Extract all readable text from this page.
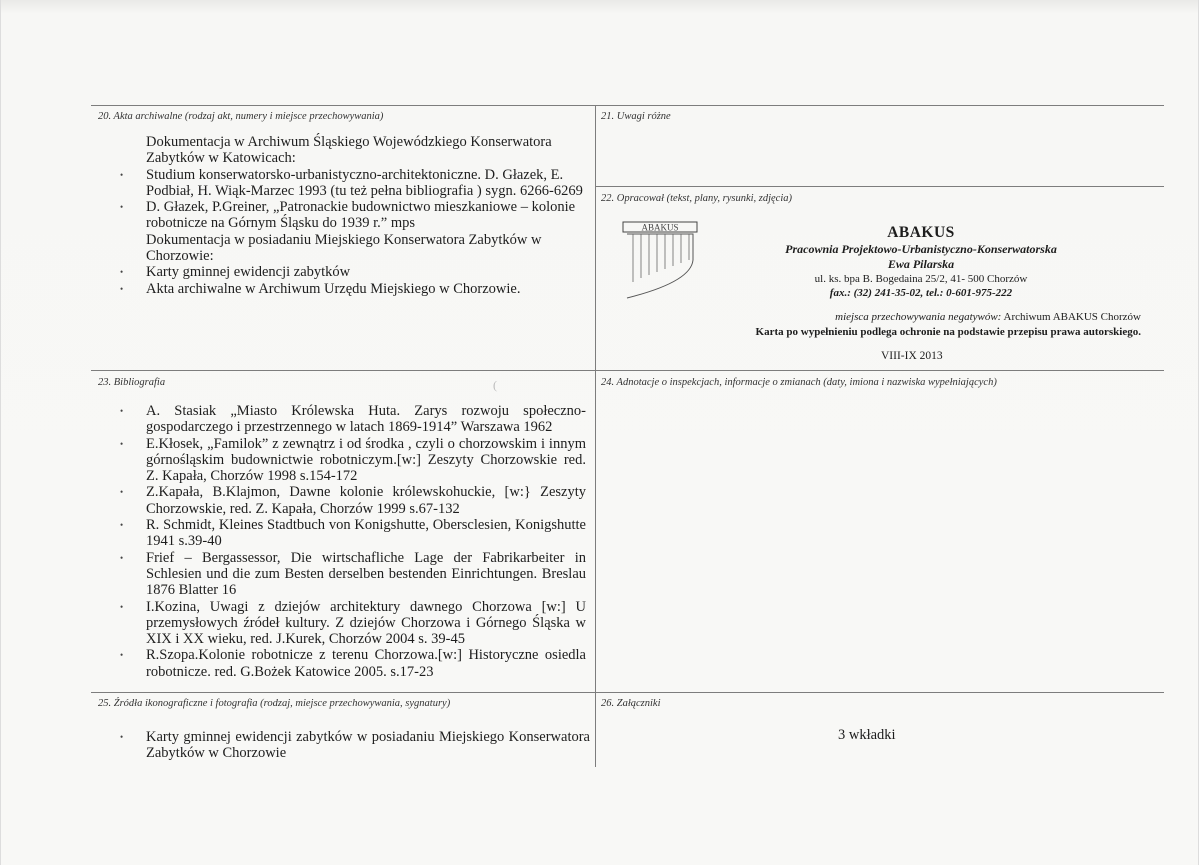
20. Akta archiwalne (rodzaj akt, numery i miejsce przechowywania)
Dokumentacja w Archiwum Śląskiego Wojewódzkiego Konserwatora Zabytków w Katowicach:
• Studium konserwatorsko-urbanistyczno-architektoniczne. D. Głazek, E. Podbiał, H. Wiąk-Marzec 1993 (tu też pełna bibliografia ) sygn. 6266-6269
• D. Głazek, P.Greiner, „Patronackie budownictwo mieszkaniowe – kolonie robotnicze na Górnym Śląsku do 1939 r.” mps
Dokumentacja w posiadaniu Miejskiego Konserwatora Zabytków w Chorzowie:
• Karty gminnej ewidencji zabytków
• Akta archiwalne w Archiwum Urzędu Miejskiego w Chorzowie.
21. Uwagi różne
22. Opracował (tekst, plany, rysunki, zdjęcia)
ABAKUS	ABAKUS
Pracownia Projektowo-Urbanistyczno-Konserwatorska
Ewa Pilarska
ul. ks. bpa B. Bogedaina 25/2, 41- 500 Chorzów
fax.: (32) 241-35-02, tel.: 0-601-975-222
miejsca przechowywania negatywów: Archiwum ABAKUS Chorzów
Karta po wypełnieniu podlega ochronie na podstawie przepisu prawa autorskiego.
VIII-IX 2013
23. Bibliografia	(
• A. Stasiak „Miasto Królewska Huta. Zarys rozwoju społeczno-gospodarczego i przestrzennego w latach 1869-1914” Warszawa 1962
• E.Kłosek, „Familok” z zewnątrz i od środka , czyli o chorzowskim i innym górnośląskim budownictwie robotniczym.[w:] Zeszyty Chorzowskie red. Z. Kapała, Chorzów 1998 s.154-172
• Z.Kapała, B.Klajmon, Dawne kolonie królewskohuckie, [w:} Zeszyty Chorzowskie, red. Z. Kapała, Chorzów 1999 s.67-132
• R. Schmidt, Kleines Stadtbuch von Konigshutte, Obersclesien, Konigshutte 1941 s.39-40
• Frief – Bergassessor, Die wirtschafliche Lage der Fabrikarbeiter in Schlesien und die zum Besten derselben bestenden Einrichtungen. Breslau 1876 Blatter 16
• I.Kozina, Uwagi z dziejów architektury dawnego Chorzowa [w:] U przemysłowych źródeł kultury. Z dziejów Chorzowa i Górnego Śląska w XIX i XX wieku, red. J.Kurek, Chorzów 2004 s. 39-45
• R.Szopa.Kolonie robotnicze z terenu Chorzowa.[w:] Historyczne osiedla robotnicze. red. G.Bożek Katowice 2005. s.17-23
24. Adnotacje o inspekcjach, informacje o zmianach (daty, imiona i nazwiska wypełniających)
25. Źródła ikonograficzne i fotografia (rodzaj, miejsce przechowywania, sygnatury)
• Karty gminnej ewidencji zabytków w posiadaniu Miejskiego Konserwatora Zabytków w Chorzowie
26. Załączniki
3 wkładki
